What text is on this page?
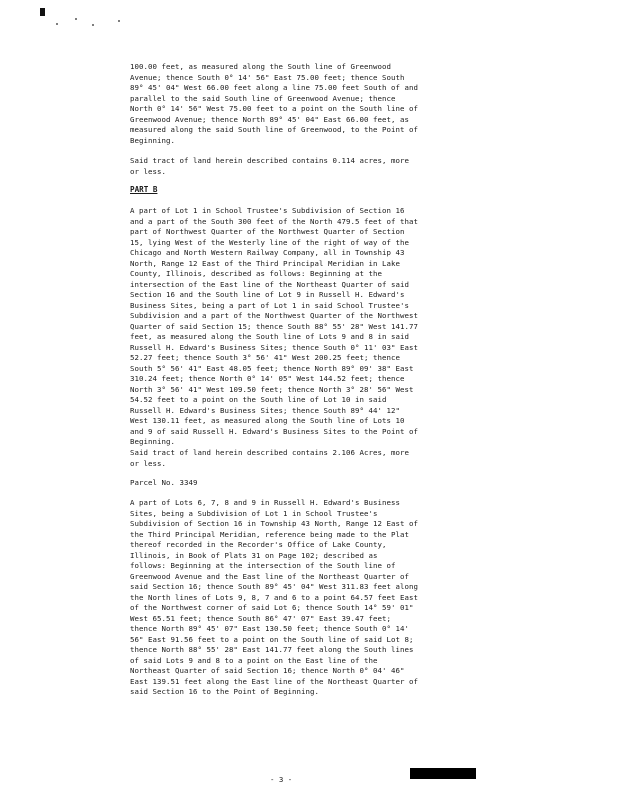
100.00 feet, as measured along the South line of Greenwood
Avenue; thence South 0° 14' 56" East 75.00 feet; thence South
89° 45' 04" West 66.00 feet along a line 75.00 feet South of and
parallel to the said South line of Greenwood Avenue; thence
North 0° 14' 56" West 75.00 feet to a point on the South line of
Greenwood Avenue; thence North 89° 45' 04" East 66.00 feet, as
measured along the said South line of Greenwood, to the Point of
Beginning.
Said tract of land herein described contains 0.114 acres, more
or less.
PART B
A part of Lot 1 in School Trustee's Subdivision of Section 16
and a part of the South 300 feet of the North 479.5 feet of that
part of Northwest Quarter of the Northwest Quarter of Section
15, lying West of the Westerly line of the right of way of the
Chicago and North Western Railway Company, all in Township 43
North, Range 12 East of the Third Principal Meridian in Lake
County, Illinois, described as follows: Beginning at the
intersection of the East line of the Northeast Quarter of said
Section 16 and the South line of Lot 9 in Russell H. Edward's
Business Sites, being a part of Lot 1 in said School Trustee's
Subdivision and a part of the Northwest Quarter of the Northwest
Quarter of said Section 15; thence South 88° 55' 28" West 141.77
feet, as measured along the South line of Lots 9 and 8 in said
Russell H. Edward's Business Sites; thence South 0° 11' 03" East
52.27 feet; thence South 3° 56' 41" West 200.25 feet; thence
South 5° 56' 41" East 48.05 feet; thence North 89° 09' 38" East
310.24 feet; thence North 0° 14' 05" West 144.52 feet; thence
North 3° 56' 41" West 109.50 feet; thence North 3° 28' 56" West
54.52 feet to a point on the South line of Lot 10 in said
Russell H. Edward's Business Sites; thence South 89° 44' 12"
West 130.11 feet, as measured along the South line of Lots 10
and 9 of said Russell H. Edward's Business Sites to the Point of
Beginning.
Said tract of land herein described contains 2.106 Acres, more
or less.
Parcel No. 3349
A part of Lots 6, 7, 8 and 9 in Russell H. Edward's Business
Sites, being a Subdivision of Lot 1 in School Trustee's
Subdivision of Section 16 in Township 43 North, Range 12 East of
the Third Principal Meridian, reference being made to the Plat
thereof recorded in the Recorder's Office of Lake County,
Illinois, in Book of Plats 31 on Page 102; described as
follows: Beginning at the intersection of the South line of
Greenwood Avenue and the East line of the Northeast Quarter of
said Section 16; thence South 89° 45' 04" West 311.83 feet along
the North lines of Lots 9, 8, 7 and 6 to a point 64.57 feet East
of the Northwest corner of said Lot 6; thence South 14° 59' 01"
West 65.51 feet; thence South 86° 47' 07" East 39.47 feet;
thence North 89° 45' 07" East 130.50 feet; thence South 0° 14'
56" East 91.56 feet to a point on the South line of said Lot 8;
thence North 88° 55' 28" East 141.77 feet along the South lines
of said Lots 9 and 8 to a point on the East line of the
Northeast Quarter of said Section 16; thence North 0° 04' 46"
East 139.51 feet along the East line of the Northeast Quarter of
said Section 16 to the Point of Beginning.
- 3 -
